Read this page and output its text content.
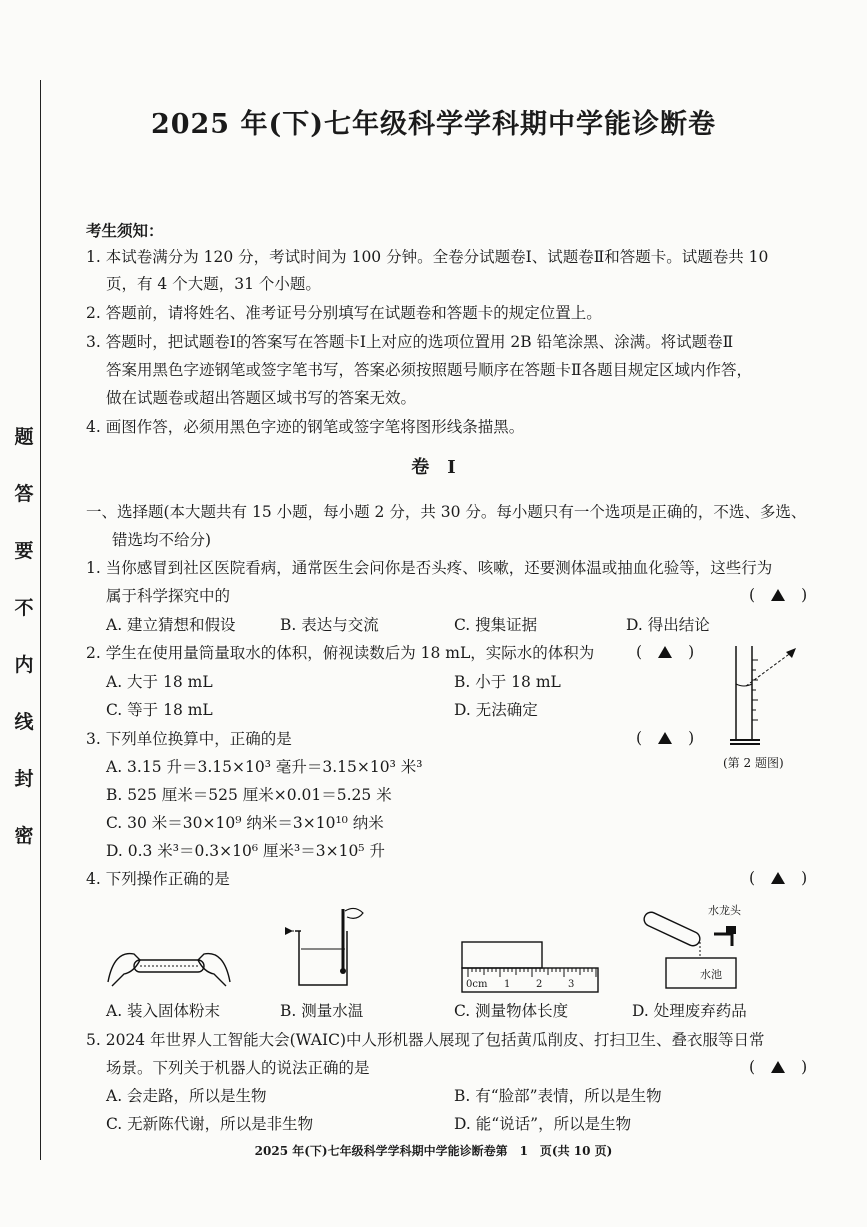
题
答
要
不
内
线
封
密
2025 年(下)七年级科学学科期中学能诊断卷
考生须知：
1. 本试卷满分为 120 分，考试时间为 100 分钟。全卷分试题卷Ⅰ、试题卷Ⅱ和答题卡。试题卷共 10
页，有 4 个大题，31 个小题。
2. 答题前，请将姓名、准考证号分别填写在试题卷和答题卡的规定位置上。
3. 答题时，把试题卷Ⅰ的答案写在答题卡Ⅰ上对应的选项位置用 2B 铅笔涂黑、涂满。将试题卷Ⅱ
答案用黑色字迹钢笔或签字笔书写，答案必须按照题号顺序在答题卡Ⅱ各题目规定区域内作答，
做在试题卷或超出答题区域书写的答案无效。
4. 画图作答，必须用黑色字迹的钢笔或签字笔将图形线条描黑。
卷　Ⅰ
一、选择题(本大题共有 15 小题，每小题 2 分，共 30 分。每小题只有一个选项是正确的，不选、多选、
错选均不给分)
1. 当你感冒到社区医院看病，通常医生会问你是否头疼、咳嗽，还要测体温或抽血化验等，这些行为
属于科学探究中的	(	)
A. 建立猜想和假设	B. 表达与交流	C. 搜集证据	D. 得出结论
2. 学生在使用量筒量取水的体积，俯视读数后为 18 mL，实际水的体积为	(	)
A. 大于 18 mL	B. 小于 18 mL
C. 等于 18 mL	D. 无法确定
(第 2 题图)
3. 下列单位换算中，正确的是	(	)
A. 3.15 升＝3.15×10³ 毫升＝3.15×10³ 米³
B. 525 厘米＝525 厘米×0.01＝5.25 米
C. 30 米＝30×10⁹ 纳米＝3×10¹⁰ 纳米
D. 0.3 米³＝0.3×10⁶ 厘米³＝3×10⁵ 升
4. 下列操作正确的是	(	)
0cm 1	2	3
水龙头
水池
A. 装入固体粉末	B. 测量水温	C. 测量物体长度	D. 处理废弃药品
5. 2024 年世界人工智能大会(WAIC)中人形机器人展现了包括黄瓜削皮、打扫卫生、叠衣服等日常
场景。下列关于机器人的说法正确的是	(	)
A. 会走路，所以是生物	B. 有“脸部”表情，所以是生物
C. 无新陈代谢，所以是非生物	D. 能“说话”，所以是生物
2025 年(下)七年级科学学科期中学能诊断卷第　1　页(共 10 页)
